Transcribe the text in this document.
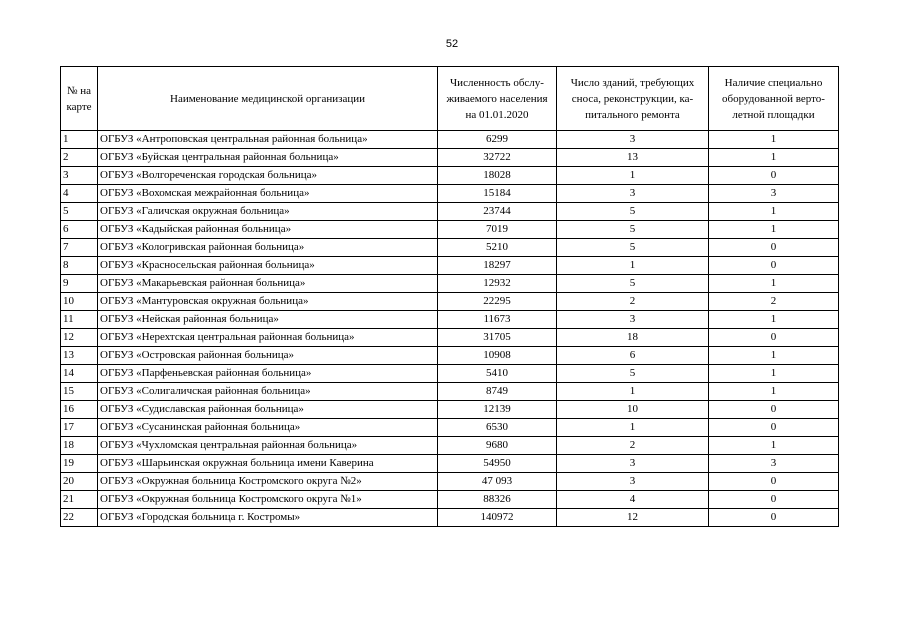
52
№ на карте	Наименование медицинской организации	Численность обслу-живаемого населения на 01.01.2020	Число зданий, требующих сноса, реконструкции, ка-питального ремонта	Наличие специально оборудованной верто-летной площадки
1	ОГБУЗ «Антропoвская центральная районная больница»	6299	3	1
2	ОГБУЗ «Буйская центральная районная больница»	32722	13	1
3	ОГБУЗ «Волгореченская городская больница»	18028	1	0
4	ОГБУЗ «Вохомская межрайонная больница»	15184	3	3
5	ОГБУЗ «Галичская окружная больница»	23744	5	1
6	ОГБУЗ «Кадыйская районная больница»	7019	5	1
7	ОГБУЗ «Кологривская районная больница»	5210	5	0
8	ОГБУЗ «Красносельская районная больница»	18297	1	0
9	ОГБУЗ «Макарьевская районная больница»	12932	5	1
10	ОГБУЗ «Мантуровская окружная больница»	22295	2	2
11	ОГБУЗ «Нейская районная больница»	11673	3	1
12	ОГБУЗ «Нерехтская центральная районная больница»	31705	18	0
13	ОГБУЗ «Островская районная больница»	10908	6	1
14	ОГБУЗ «Парфеньевская районная больница»	5410	5	1
15	ОГБУЗ «Солигаличская районная больница»	8749	1	1
16	ОГБУЗ «Судиславская районная больница»	12139	10	0
17	ОГБУЗ «Сусанинская районная больница»	6530	1	0
18	ОГБУЗ «Чухломская центральная районная больница»	9680	2	1
19	ОГБУЗ «Шарьинская окружная больница имени Каверина	54950	3	3
20	ОГБУЗ «Окружная больница Костромского округа №2»	47 093	3	0
21	ОГБУЗ «Окружная больница Костромского округа №1»	88326	4	0
22	ОГБУЗ «Городская больница г. Костромы»	140972	12	0
